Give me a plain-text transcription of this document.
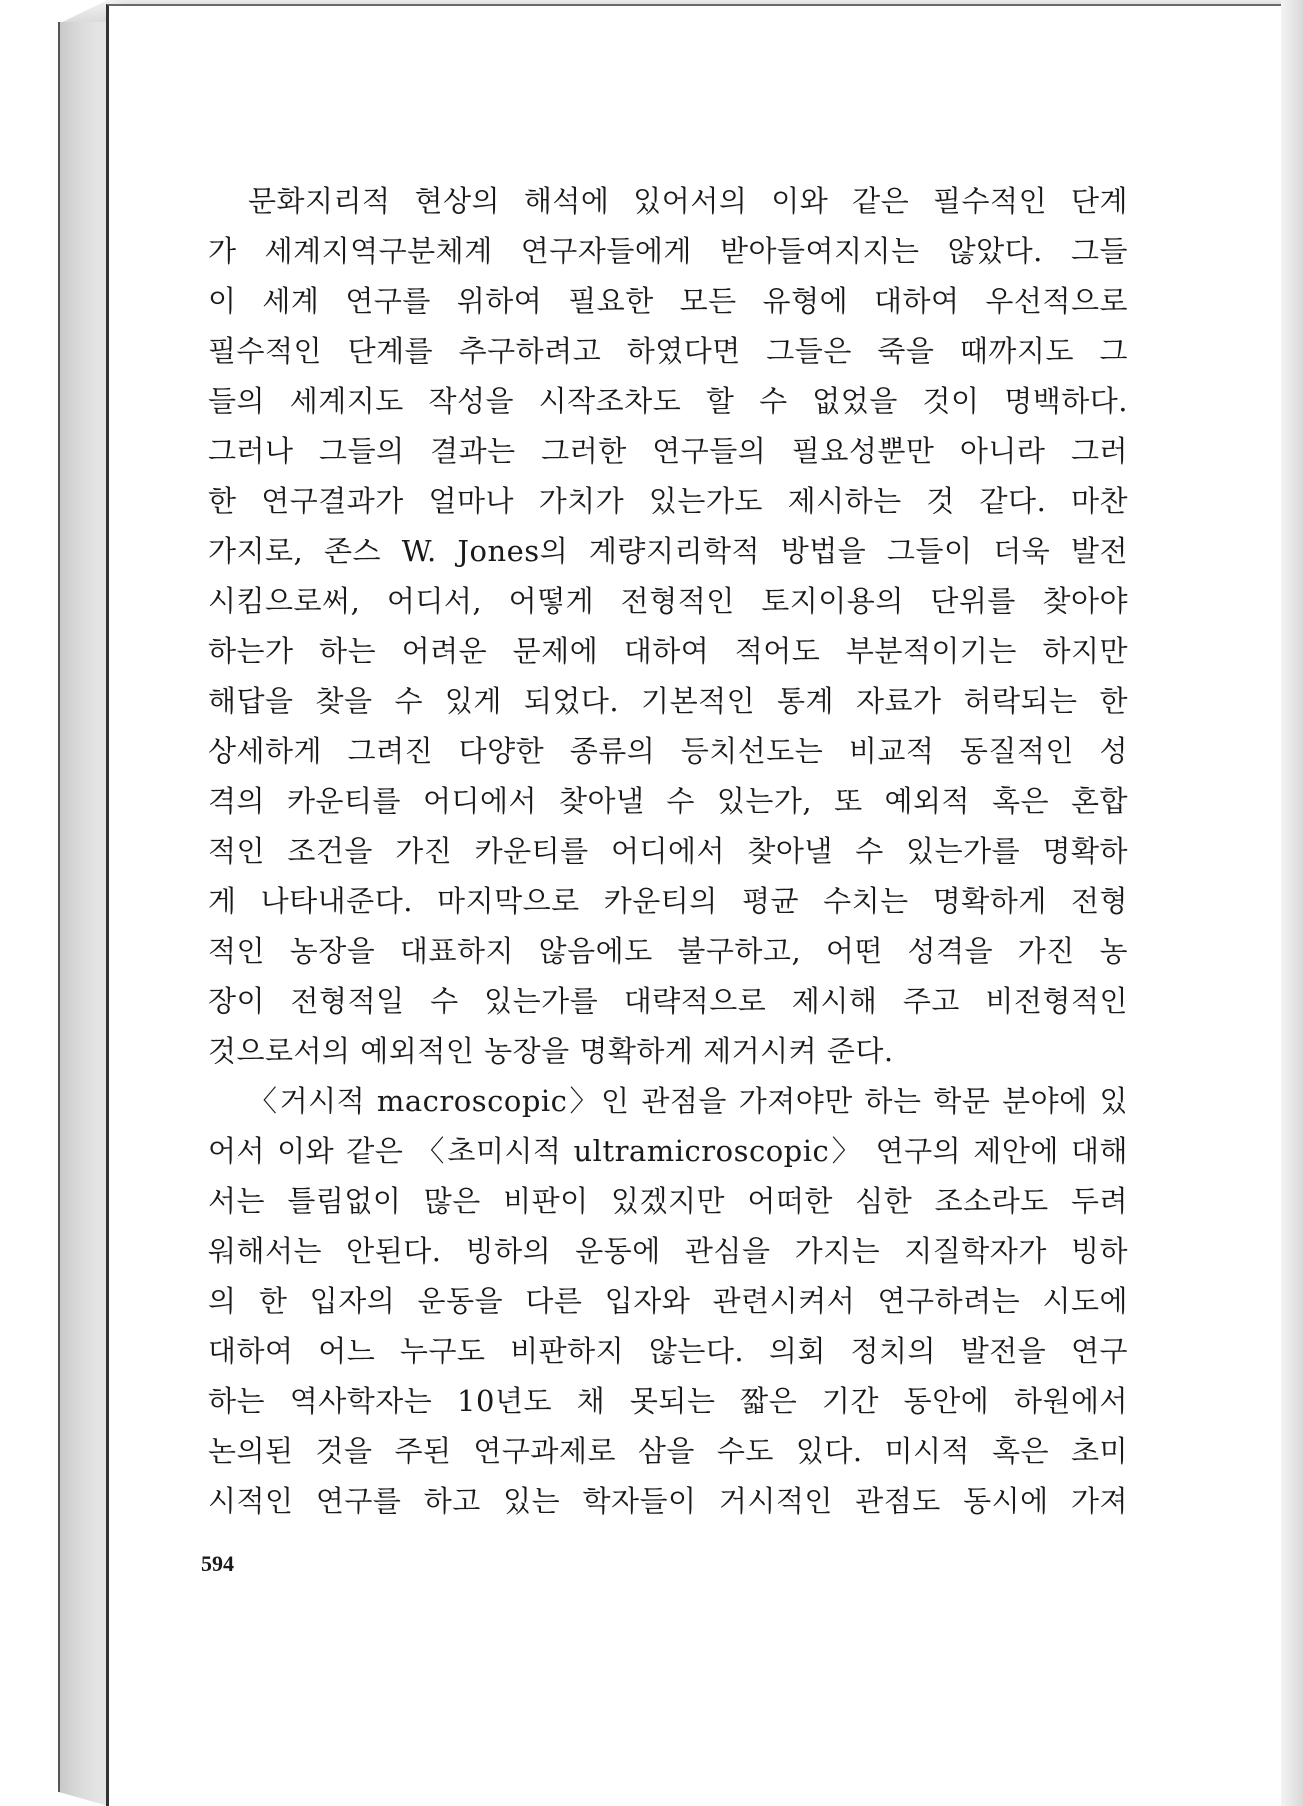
문화지리적 현상의 해석에 있어서의 이와 같은 필수적인 단계
가 세계지역구분체계 연구자들에게 받아들여지지는 않았다. 그들
이 세계 연구를 위하여 필요한 모든 유형에 대하여 우선적으로
필수적인 단계를 추구하려고 하였다면 그들은 죽을 때까지도 그
들의 세계지도 작성을 시작조차도 할 수 없었을 것이 명백하다.
그러나 그들의 결과는 그러한 연구들의 필요성뿐만 아니라 그러
한 연구결과가 얼마나 가치가 있는가도 제시하는 것 같다. 마찬
가지로, 존스 W. Jones의 계량지리학적 방법을 그들이 더욱 발전
시킴으로써, 어디서, 어떻게 전형적인 토지이용의 단위를 찾아야
하는가 하는 어려운 문제에 대하여 적어도 부분적이기는 하지만
해답을 찾을 수 있게 되었다. 기본적인 통계 자료가 허락되는 한
상세하게 그려진 다양한 종류의 등치선도는 비교적 동질적인 성
격의 카운티를 어디에서 찾아낼 수 있는가, 또 예외적 혹은 혼합
적인 조건을 가진 카운티를 어디에서 찾아낼 수 있는가를 명확하
게 나타내준다. 마지막으로 카운티의 평균 수치는 명확하게 전형
적인 농장을 대표하지 않음에도 불구하고, 어떤 성격을 가진 농
장이 전형적일 수 있는가를 대략적으로 제시해 주고 비전형적인
것으로서의 예외적인 농장을 명확하게 제거시켜 준다.
〈거시적 macroscopic〉인 관점을 가져야만 하는 학문 분야에 있
어서 이와 같은 〈초미시적 ultramicroscopic〉 연구의 제안에 대해
서는 틀림없이 많은 비판이 있겠지만 어떠한 심한 조소라도 두려
워해서는 안된다. 빙하의 운동에 관심을 가지는 지질학자가 빙하
의 한 입자의 운동을 다른 입자와 관련시켜서 연구하려는 시도에
대하여 어느 누구도 비판하지 않는다. 의회 정치의 발전을 연구
하는 역사학자는 10년도 채 못되는 짧은 기간 동안에 하원에서
논의된 것을 주된 연구과제로 삼을 수도 있다. 미시적 혹은 초미
시적인 연구를 하고 있는 학자들이 거시적인 관점도 동시에 가져
594
